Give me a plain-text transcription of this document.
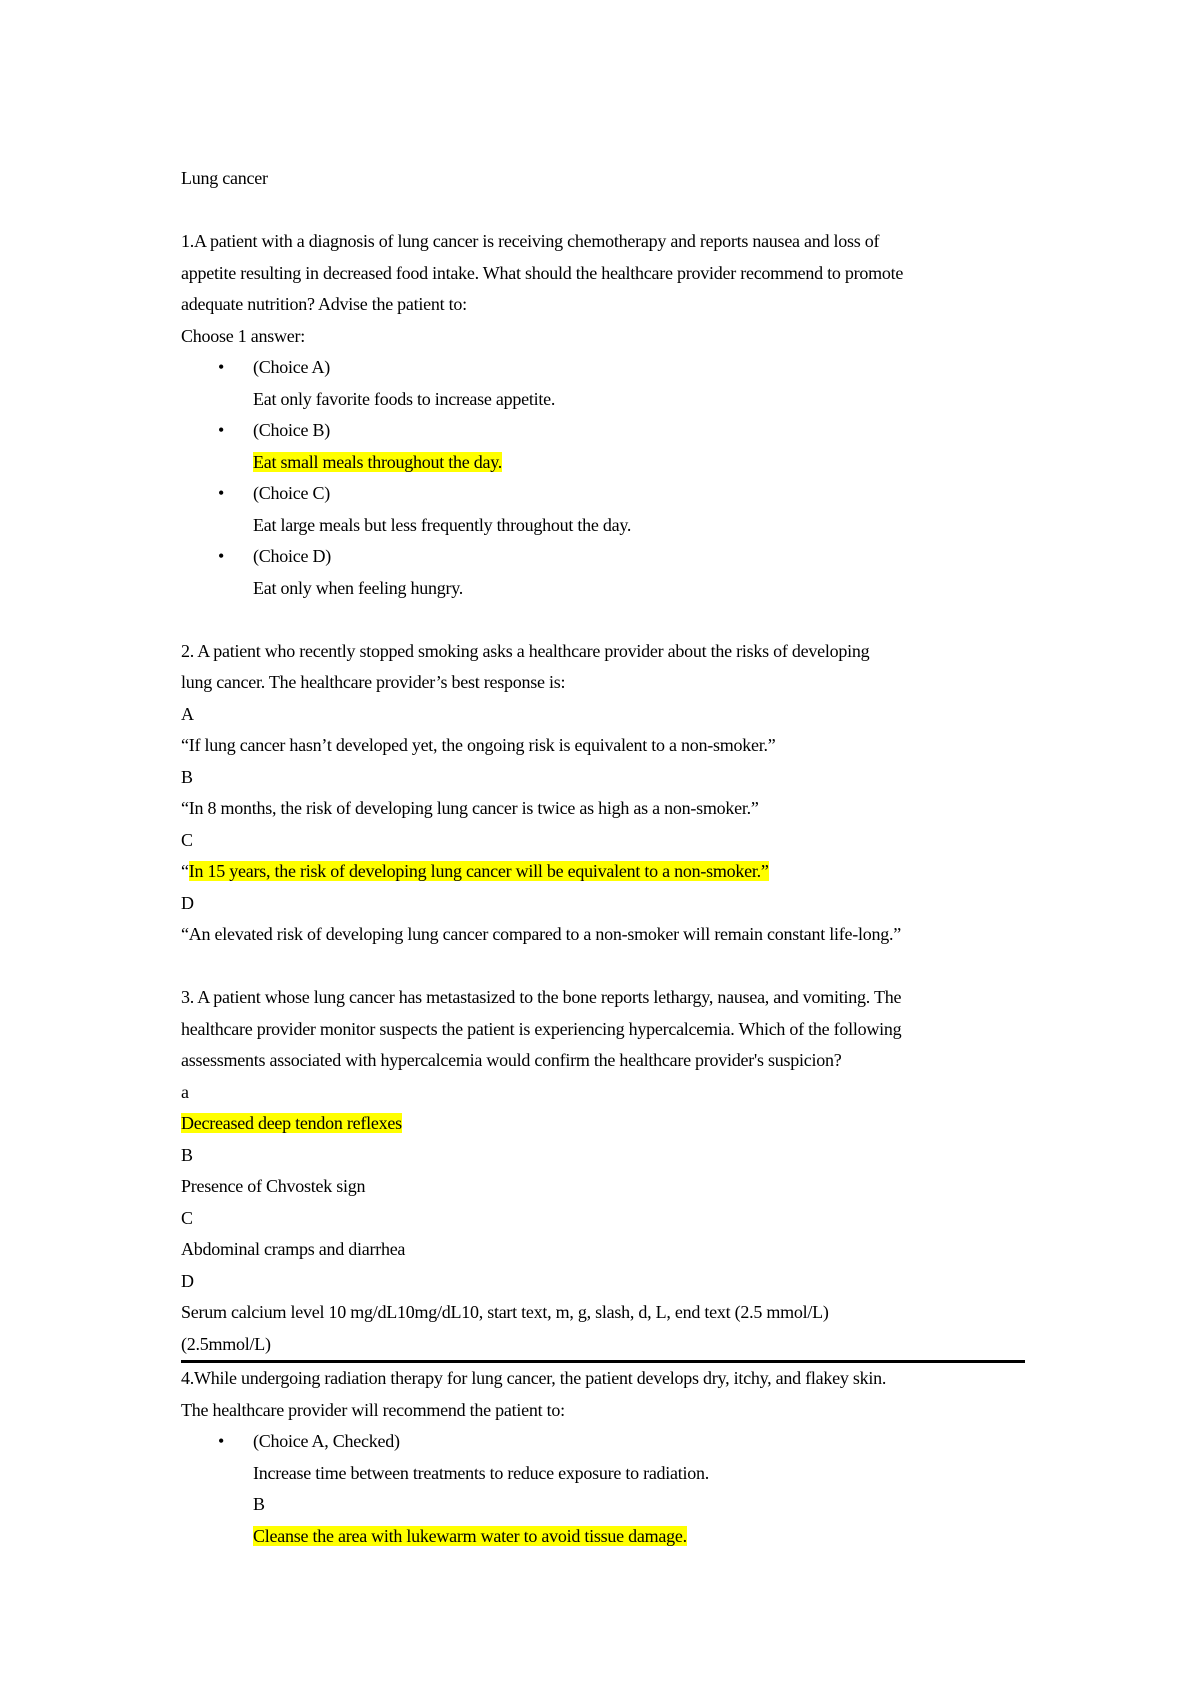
Lung cancer

1.A patient with a diagnosis of lung cancer is receiving chemotherapy and reports nausea and loss of

appetite resulting in decreased food intake. What should the healthcare provider recommend to promote

adequate nutrition? Advise the patient to:

Choose 1 answer:

• (Choice A)

Eat only favorite foods to increase appetite.

• (Choice B)

Eat small meals throughout the day.

• (Choice C)

Eat large meals but less frequently throughout the day.

• (Choice D)

Eat only when feeling hungry.

2. A patient who recently stopped smoking asks a healthcare provider about the risks of developing

lung cancer. The healthcare provider’s best response is:

A

“If lung cancer hasn’t developed yet, the ongoing risk is equivalent to a non-smoker.”

B

“In 8 months, the risk of developing lung cancer is twice as high as a non-smoker.”

C

“In 15 years, the risk of developing lung cancer will be equivalent to a non-smoker.”

D

“An elevated risk of developing lung cancer compared to a non-smoker will remain constant life-long.”

3. A patient whose lung cancer has metastasized to the bone reports lethargy, nausea, and vomiting. The

healthcare provider monitor suspects the patient is experiencing hypercalcemia. Which of the following

assessments associated with hypercalcemia would confirm the healthcare provider's suspicion?

a

Decreased deep tendon reflexes

B

Presence of Chvostek sign

C

Abdominal cramps and diarrhea

D

Serum calcium level 10 mg/dL10mg/dL10, start text, m, g, slash, d, L, end text (2.5 mmol/L)

(2.5mmol/L)

4.While undergoing radiation therapy for lung cancer, the patient develops dry, itchy, and flakey skin.

The healthcare provider will recommend the patient to:

• (Choice A, Checked)

Increase time between treatments to reduce exposure to radiation.

B

Cleanse the area with lukewarm water to avoid tissue damage.
